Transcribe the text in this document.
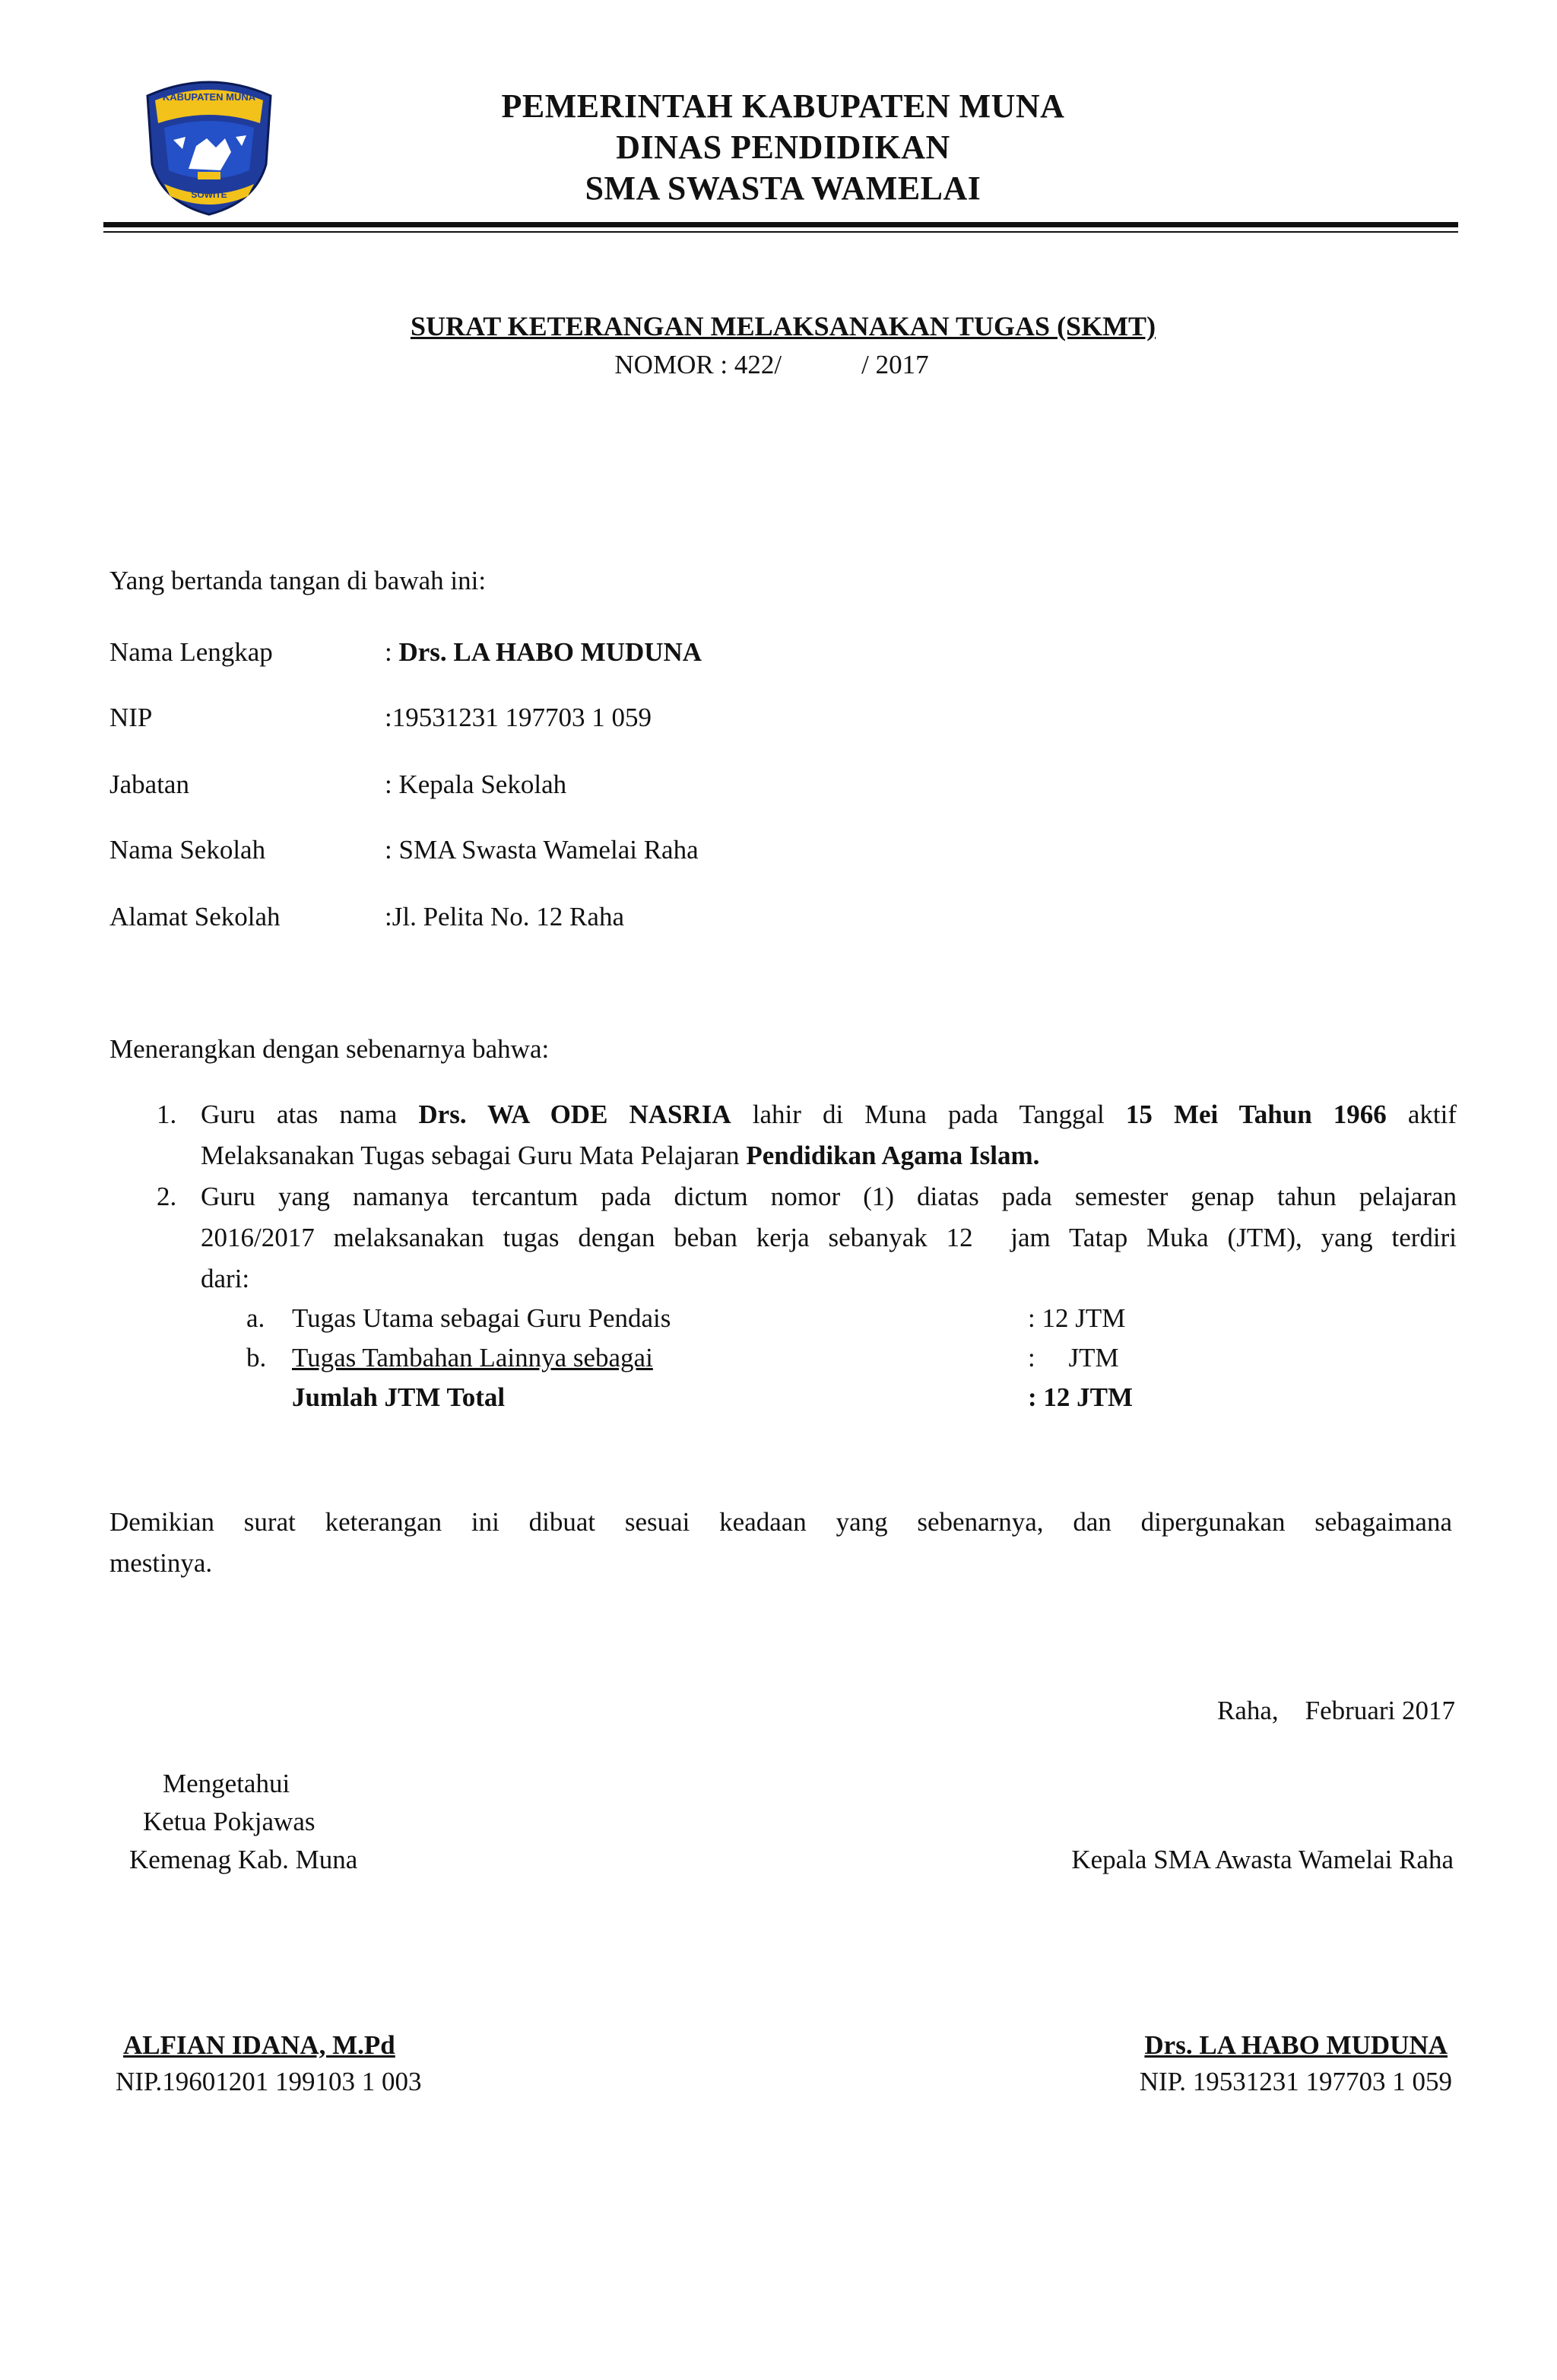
KABUPATEN MUNA
SOWITE
PEMERINTAH KABUPATEN MUNA
DINAS PENDIDIKAN
SMA SWASTA WAMELAI
SURAT KETERANGAN MELAKSANAKAN TUGAS (SKMT)
NOMOR : 422/            / 2017
Yang bertanda tangan di bawah ini:
Nama Lengkap	: Drs. LA HABO MUDUNA
NIP	:19531231 197703 1 059
Jabatan	: Kepala Sekolah
Nama Sekolah	: SMA Swasta Wamelai Raha
Alamat Sekolah	:Jl. Pelita No. 12 Raha
Menerangkan dengan sebenarnya bahwa:
1. Guru atas nama Drs. WA ODE NASRIA lahir di Muna pada Tanggal 15 Mei Tahun 1966 aktif
Melaksanakan Tugas sebagai Guru Mata Pelajaran Pendidikan Agama Islam.
2. Guru yang namanya tercantum pada dictum nomor (1) diatas pada semester genap tahun pelajaran
2016/2017 melaksanakan tugas dengan beban kerja sebanyak 12  jam Tatap Muka (JTM), yang terdiri
dari:
a. Tugas Utama sebagai Guru Pendais	: 12 JTM
b. Tugas Tambahan Lainnya sebagai	:     JTM
Jumlah JTM Total	: 12 JTM
Demikian surat keterangan ini dibuat sesuai keadaan yang sebenarnya, dan dipergunakan sebagaimana
mestinya.
Raha,    Februari 2017
Mengetahui
Ketua Pokjawas
Kemenag Kab. Muna
ALFIAN IDANA, M.Pd
NIP.19601201 199103 1 003
Kepala SMA Awasta Wamelai Raha
Drs. LA HABO MUDUNA
NIP. 19531231 197703 1 059
